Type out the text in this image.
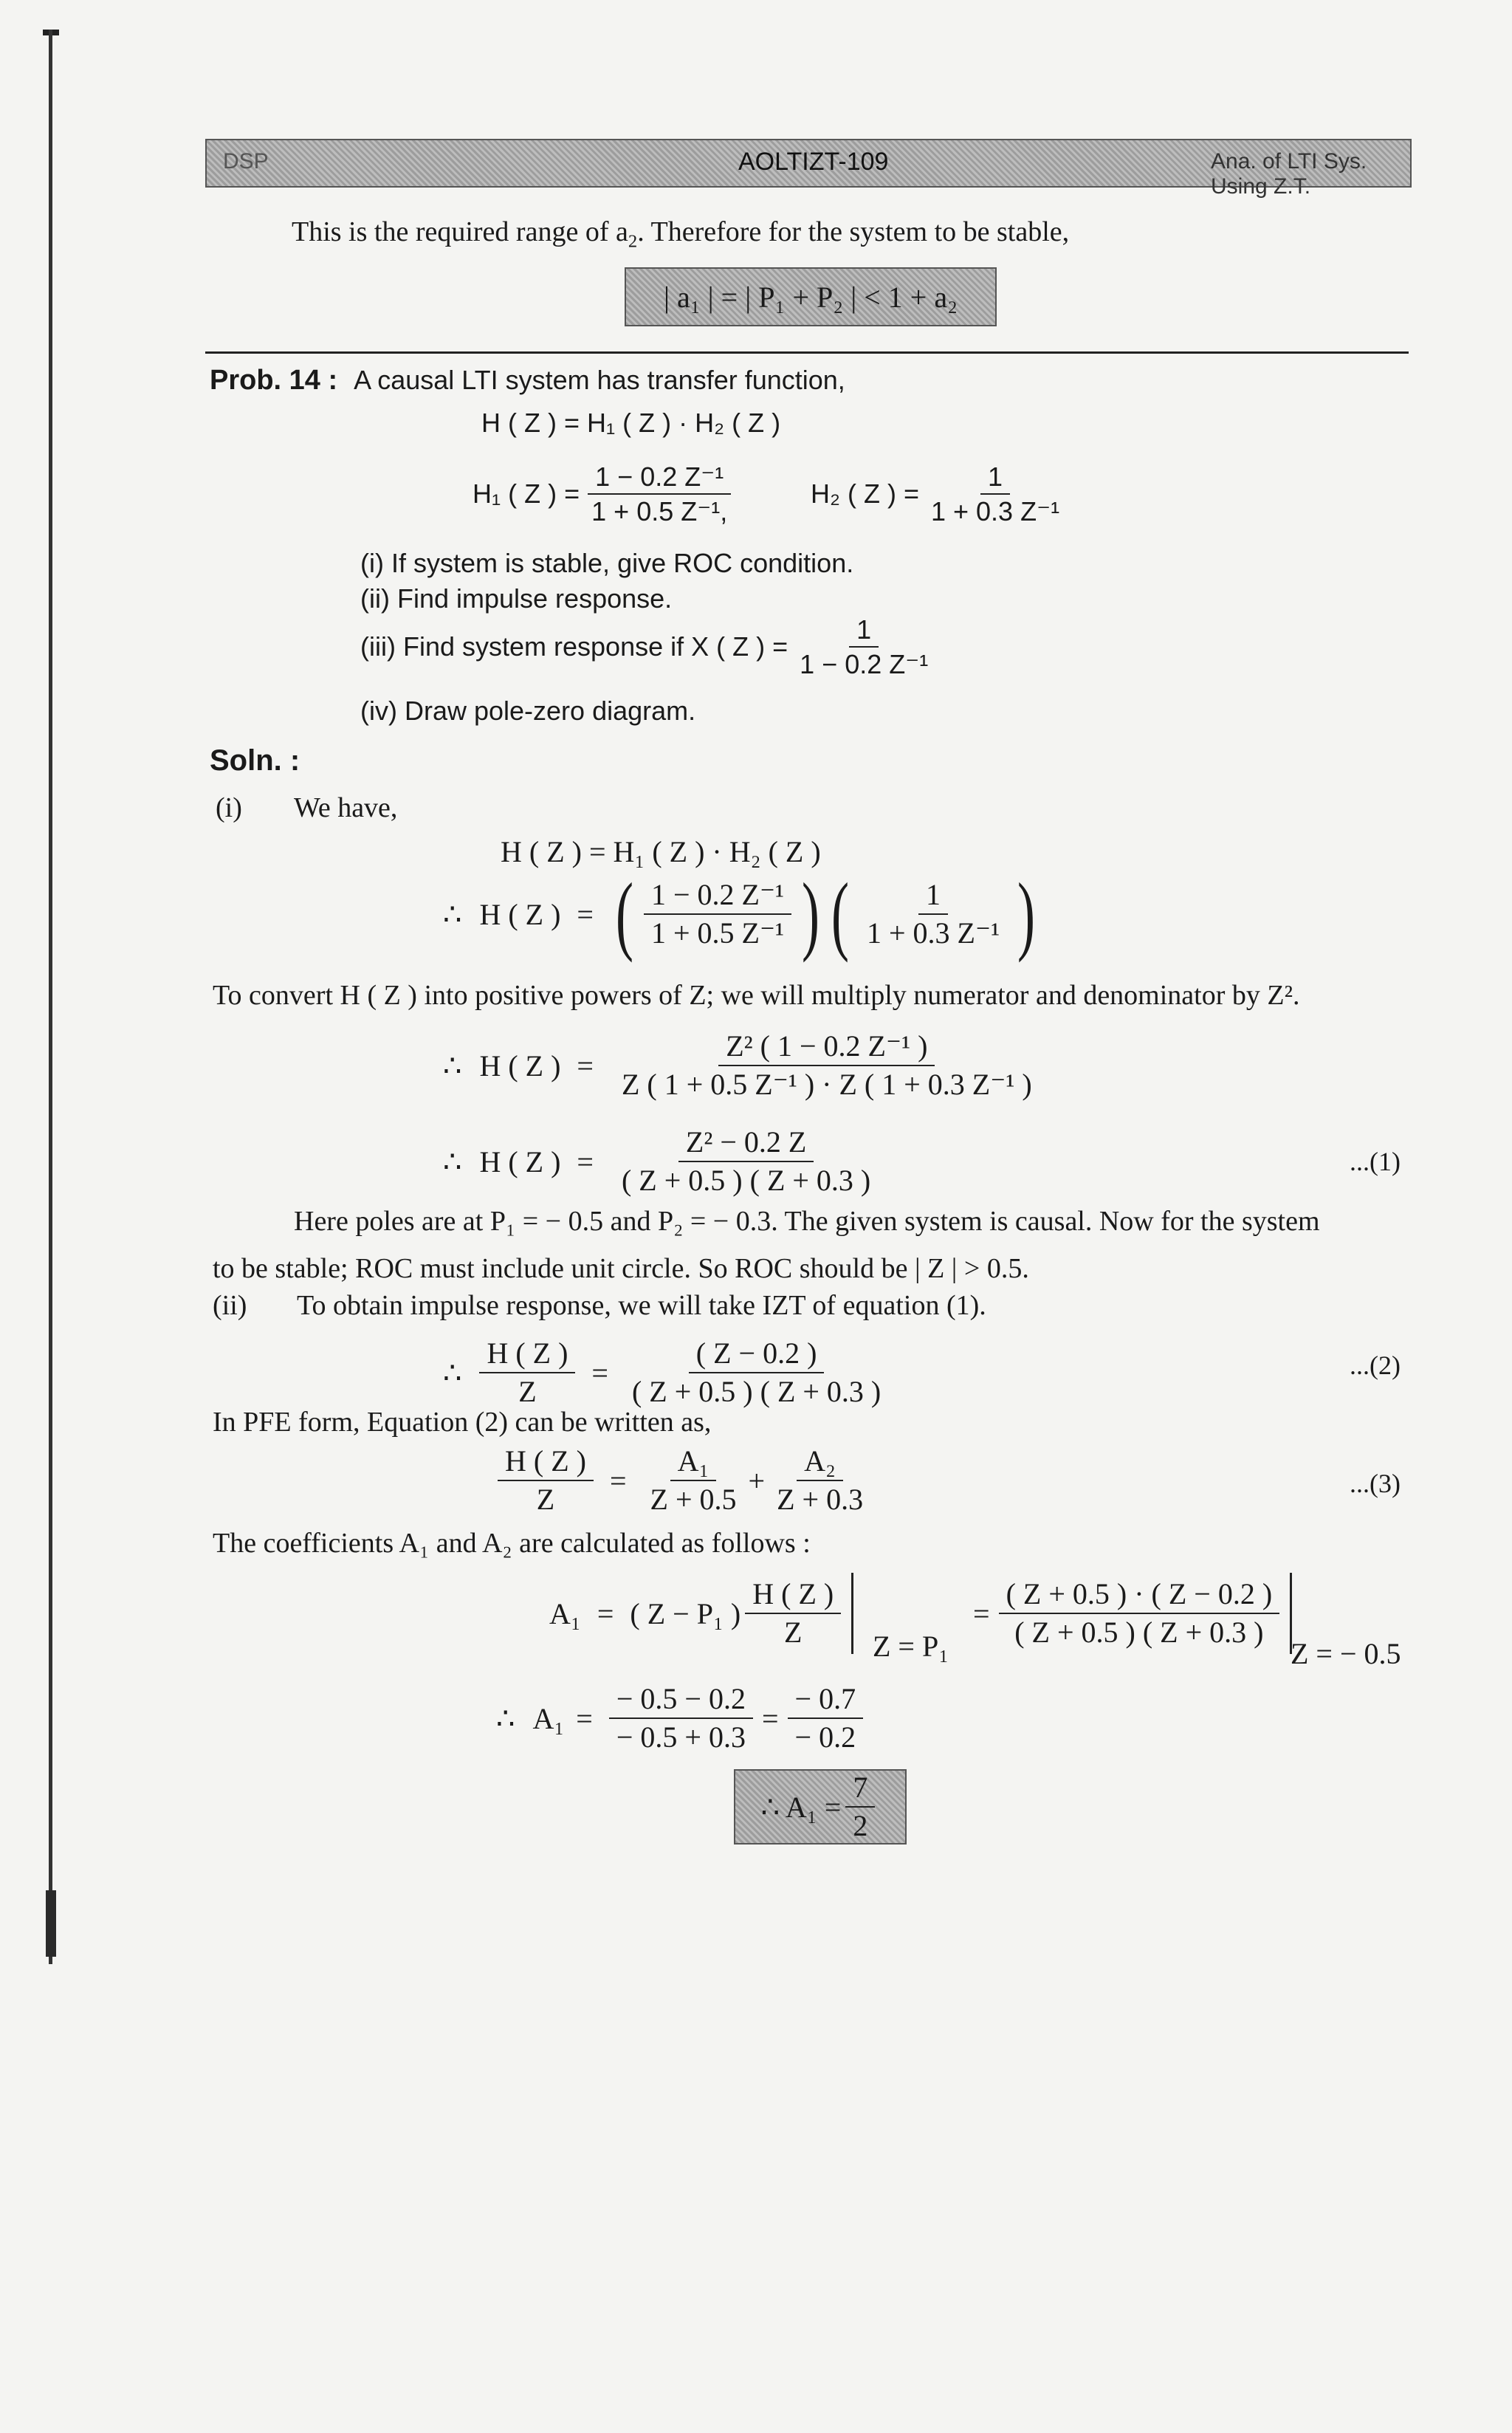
DSP	AOLTIZT-109	Ana. of LTI Sys. Using Z.T.
This is the required range of $a_2$. Therefore for the system to be stable,
| a₁ | = | P₁ + P₂ | < 1 + a₂
Prob. 14 : A causal LTI system has transfer function,
H ( Z ) = H₁ ( Z ) · H₂ ( Z )
H₁ ( Z ) = $\frac{\text{1 − 0.2 Z⁻¹}}{\text{1 + 0.5 Z⁻¹,}}$	H₂ ( Z ) = $\frac{1}{\text{1 + 0.3 Z⁻¹}}$
(i) If system is stable, give ROC condition.
(ii) Find impulse response.
(iii) Find system response if X ( Z ) = $\frac{1}{\text{1 − 0.2 Z⁻¹}}$
(iv) Draw pole-zero diagram.
Soln. :
(i) We have,
H ( Z ) = H₁ ( Z ) · H₂ ( Z )
∴ H ( Z ) = ( $\frac{\text{1 − 0.2 Z⁻¹}}{\text{1 + 0.5 Z⁻¹}}$ ) ( $\frac{1}{\text{1 + 0.3 Z⁻¹}}$ )
To convert H ( Z ) into positive powers of Z; we will multiply numerator and denominator by Z².
∴ H ( Z ) = $\frac{\text{Z² ( 1 − 0.2 Z⁻¹ )}}{\text{Z ( 1 + 0.5 Z⁻¹ ) · Z ( 1 + 0.3 Z⁻¹ )}}$
∴ H ( Z ) = $\frac{\text{Z² − 0.2 Z}}{( Z + 0.5 ) ( Z + 0.3 )}$	...(1)
Here poles are at P₁ = − 0.5 and P₂ = − 0.3. The given system is causal. Now for the system
to be stable; ROC must include unit circle. So ROC should be | Z | > 0.5.
(ii) To obtain impulse response, we will take IZT of equation (1).
∴ $\frac{H ( Z )}{Z} = \frac{( Z - 0.2 )}{( Z + 0.5 ) ( Z + 0.3 )}$	...(2)
In PFE form, Equation (2) can be written as,
$\frac{H ( Z )}{Z} = \frac{\text{A₁}}{Z + 0.5} + \frac{\text{A₂}}{Z + 0.3}$	...(3)
The coefficients A₁ and A₂ are calculated as follows :
A₁ = ( Z − P₁ ) $\frac{H ( Z )}{Z}$ Z = P₁
= $\frac{( Z + 0.5 ) \cdot ( Z - 0.2 )}{( Z + 0.5 ) ( Z + 0.3 )}$
Z = − 0.5
∴ $A_1 = \frac{- 0.5 - 0.2}{- 0.5 + 0.3} = \frac{- 0.7}{- 0.2}$
∴ $A_1 = \frac{7}{2}$
